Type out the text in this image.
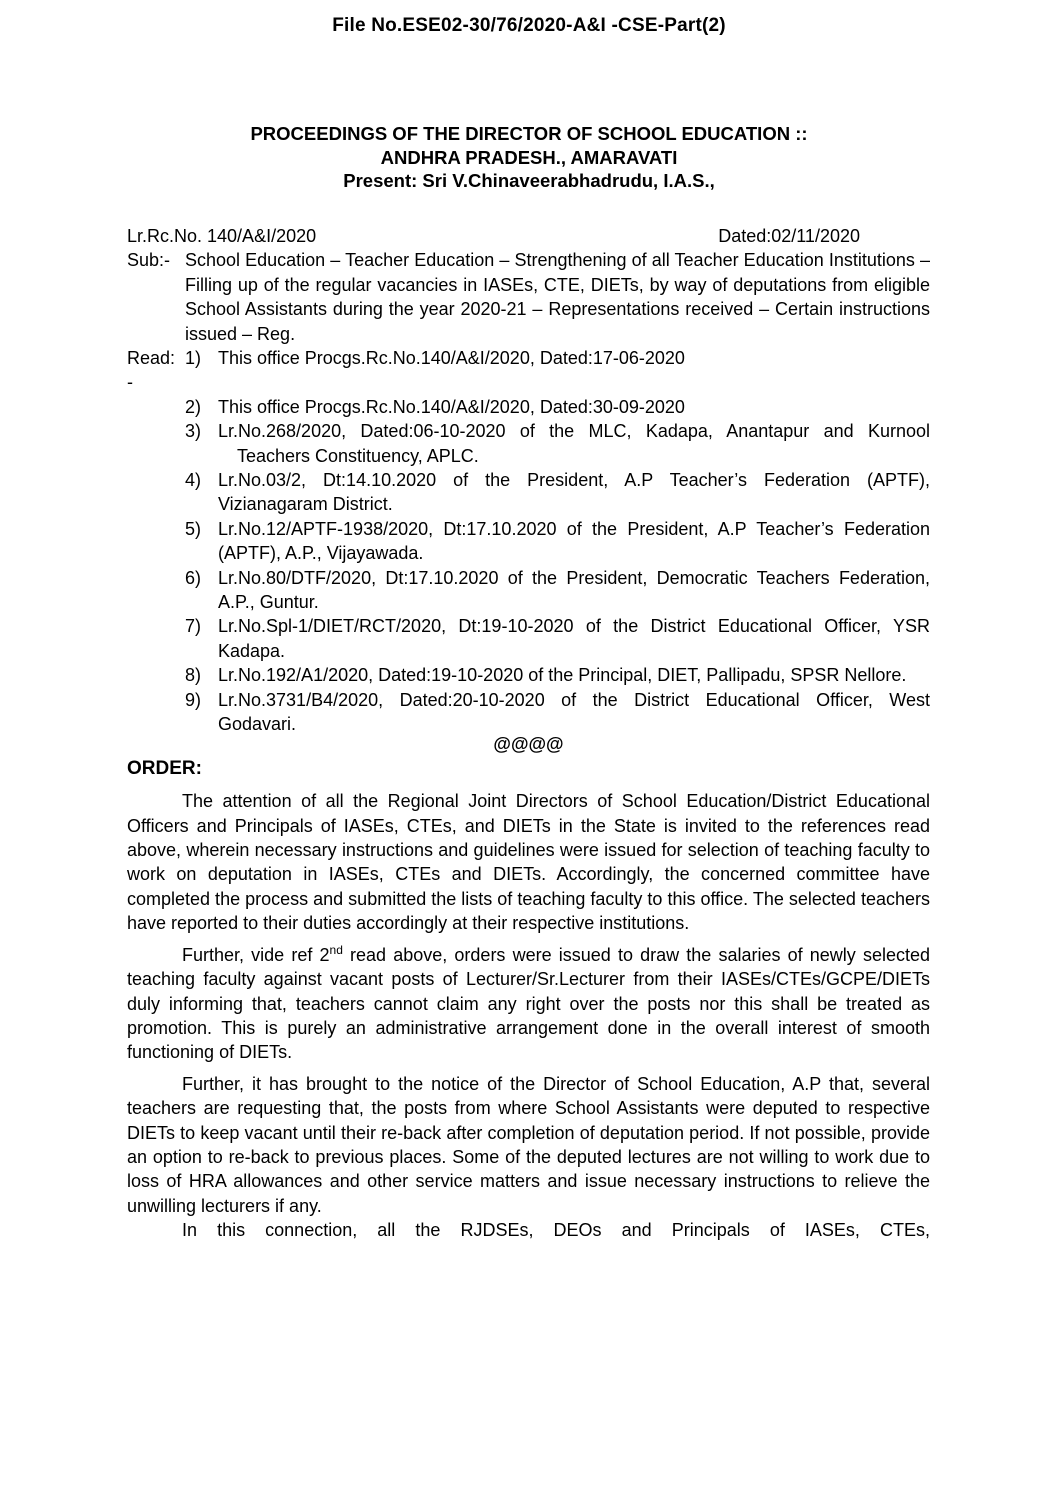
File No.ESE02-30/76/2020-A&I -CSE-Part(2)
PROCEEDINGS OF THE DIRECTOR OF SCHOOL EDUCATION ::
ANDHRA PRADESH., AMARAVATI
Present: Sri V.Chinaveerabhadrudu, I.A.S.,
Lr.Rc.No. 140/A&I/2020	Dated:02/11/2020
Sub:- School Education – Teacher Education – Strengthening of all Teacher Education Institutions – Filling up of the regular vacancies in IASEs, CTE, DIETs, by way of deputations from eligible School Assistants during the year 2020-21 – Representations received – Certain instructions issued – Reg.
Read: 1) This office Procgs.Rc.No.140/A&I/2020, Dated:17-06-2020
-
2) This office Procgs.Rc.No.140/A&I/2020, Dated:30-09-2020
3) Lr.No.268/2020, Dated:06-10-2020 of the MLC, Kadapa, Anantapur and Kurnool Teachers Constituency, APLC.
4) Lr.No.03/2, Dt:14.10.2020 of the President, A.P Teacher’s Federation (APTF), Vizianagaram District.
5) Lr.No.12/APTF-1938/2020, Dt:17.10.2020 of the President, A.P Teacher’s Federation (APTF), A.P., Vijayawada.
6) Lr.No.80/DTF/2020, Dt:17.10.2020 of the President, Democratic Teachers Federation, A.P., Guntur.
7) Lr.No.Spl-1/DIET/RCT/2020, Dt:19-10-2020 of the District Educational Officer, YSR Kadapa.
8) Lr.No.192/A1/2020, Dated:19-10-2020 of the Principal, DIET, Pallipadu, SPSR Nellore.
9) Lr.No.3731/B4/2020, Dated:20-10-2020 of the District Educational Officer, West Godavari.
@@@@
ORDER:

The attention of all the Regional Joint Directors of School Education/District Educational Officers and Principals of IASEs, CTEs, and DIETs in the State is invited to the references read above, wherein necessary instructions and guidelines were issued for selection of teaching faculty to work on deputation in IASEs, CTEs and DIETs. Accordingly, the concerned committee have completed the process and submitted the lists of teaching faculty to this office. The selected teachers have reported to their duties accordingly at their respective institutions.

Further, vide ref 2nd read above, orders were issued to draw the salaries of newly selected teaching faculty against vacant posts of Lecturer/Sr.Lecturer from their IASEs/CTEs/GCPE/DIETs duly informing that, teachers cannot claim any right over the posts nor this shall be treated as promotion. This is purely an administrative arrangement done in the overall interest of smooth functioning of DIETs.

Further, it has brought to the notice of the Director of School Education, A.P that, several teachers are requesting that, the posts from where School Assistants were deputed to respective DIETs to keep vacant until their re-back after completion of deputation period. If not possible, provide an option to re-back to previous places. Some of the deputed lectures are not willing to work due to loss of HRA allowances and other service matters and issue necessary instructions to relieve the unwilling lecturers if any.

In this connection, all the RJDSEs, DEOs and Principals of IASEs, CTEs,
